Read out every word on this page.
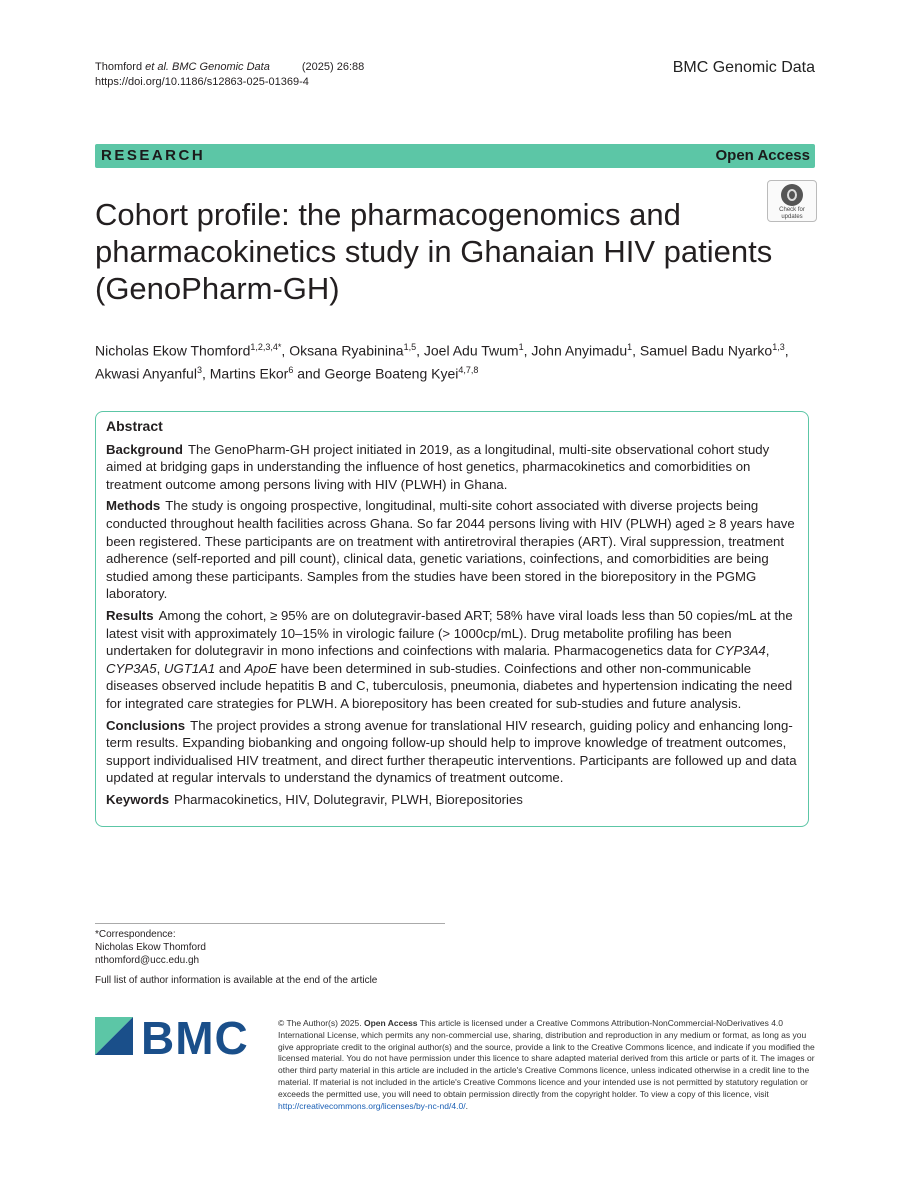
Thomford et al. BMC Genomic Data	(2025) 26:88
https://doi.org/10.1186/s12863-025-01369-4
BMC Genomic Data
RESEARCH	Open Access
Check for
updates
Cohort profile: the pharmacogenomics and pharmacokinetics study in Ghanaian HIV patients (GenoPharm-GH)
Nicholas Ekow Thomford$^{1,2,3,4*}$, Oksana Ryabinina$^{1,5}$, Joel Adu Twum$^1$, John Anyimadu$^1$, Samuel Badu Nyarko$^{1,3}$, Akwasi Anyanful$^3$, Martins Ekor$^6$ and George Boateng Kyei$^{4,7,8}$
Abstract

Background The GenoPharm-GH project initiated in 2019, as a longitudinal, multi-site observational cohort study aimed at bridging gaps in understanding the influence of host genetics, pharmacokinetics and comorbidities on treatment outcome among persons living with HIV (PLWH) in Ghana.

Methods The study is ongoing prospective, longitudinal, multi-site cohort associated with diverse projects being conducted throughout health facilities across Ghana. So far 2044 persons living with HIV (PLWH) aged ≥ 8 years have been registered. These participants are on treatment with antiretroviral therapies (ART). Viral suppression, treatment adherence (self-reported and pill count), clinical data, genetic variations, coinfections, and comorbidities are being studied among these participants. Samples from the studies have been stored in the biorepository in the PGMG laboratory.

Results Among the cohort, ≥ 95% are on dolutegravir-based ART; 58% have viral loads less than 50 copies/mL at the latest visit with approximately 10–15% in virologic failure (> 1000cp/mL). Drug metabolite profiling has been undertaken for dolutegravir in mono infections and coinfections with malaria. Pharmacogenetics data for CYP3A4, CYP3A5, UGT1A1 and ApoE have been determined in sub-studies. Coinfections and other non-communicable diseases observed include hepatitis B and C, tuberculosis, pneumonia, diabetes and hypertension indicating the need for integrated care strategies for PLWH. A biorepository has been created for sub-studies and future analysis.

Conclusions The project provides a strong avenue for translational HIV research, guiding policy and enhancing long-term results. Expanding biobanking and ongoing follow-up should help to improve knowledge of treatment outcomes, support individualised HIV treatment, and direct further therapeutic interventions. Participants are followed up and data updated at regular intervals to understand the dynamics of treatment outcome.

Keywords Pharmacokinetics, HIV, Dolutegravir, PLWH, Biorepositories

*Correspondence:
Nicholas Ekow Thomford
nthomford@ucc.edu.gh
Full list of author information is available at the end of the article
BMC	© The Author(s) 2025. Open Access This article is licensed under a Creative Commons Attribution-NonCommercial-NoDerivatives 4.0 International License, which permits any non-commercial use, sharing, distribution and reproduction in any medium or format, as long as you give appropriate credit to the original author(s) and the source, provide a link to the Creative Commons licence, and indicate if you modified the licensed material. You do not have permission under this licence to share adapted material derived from this article or parts of it. The images or other third party material in this article are included in the article's Creative Commons licence, unless indicated otherwise in a credit line to the material. If material is not included in the article's Creative Commons licence and your intended use is not permitted by statutory regulation or exceeds the permitted use, you will need to obtain permission directly from the copyright holder. To view a copy of this licence, visit http://creativecommons.org/licenses/by-nc-nd/4.0/.
